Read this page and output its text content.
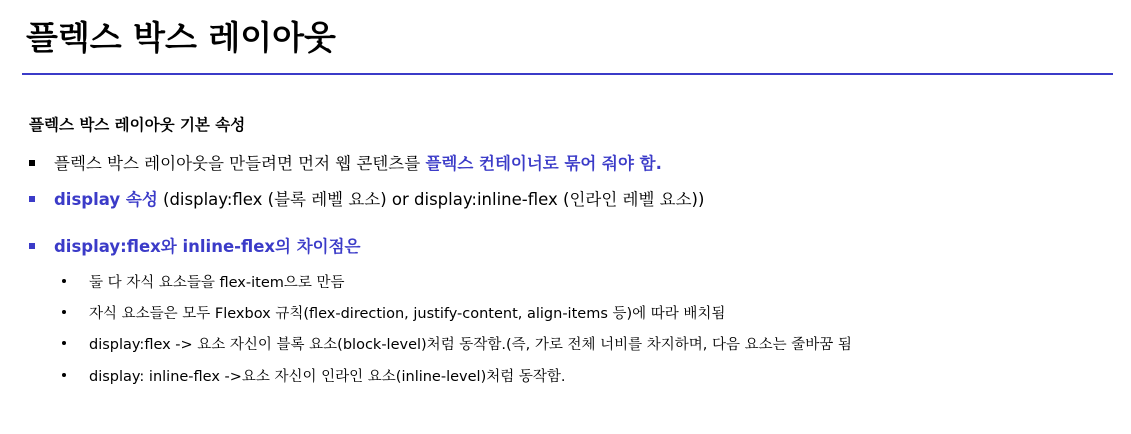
플렉스 박스 레이아웃
플렉스 박스 레이아웃 기본 속성
플렉스 박스 레이아웃을 만들려면 먼저 웹 콘텐츠를 플렉스 컨테이너로 묶어 줘야 함.
display 속성 (display:flex (블록 레벨 요소) or display:inline-flex (인라인 레벨 요소))
display:flex와 inline-flex의 차이점은
둘 다 자식 요소들을 flex-item으로 만듬
자식 요소들은 모두 Flexbox 규칙(flex-direction, justify-content, align-items 등)에 따라 배치됨
display:flex -> 요소 자신이 블록 요소(block-level)처럼 동작함.(즉, 가로 전체 너비를 차지하며, 다음 요소는 줄바꿈 됨
display: inline-flex ->요소 자신이 인라인 요소(inline-level)처럼 동작함.
